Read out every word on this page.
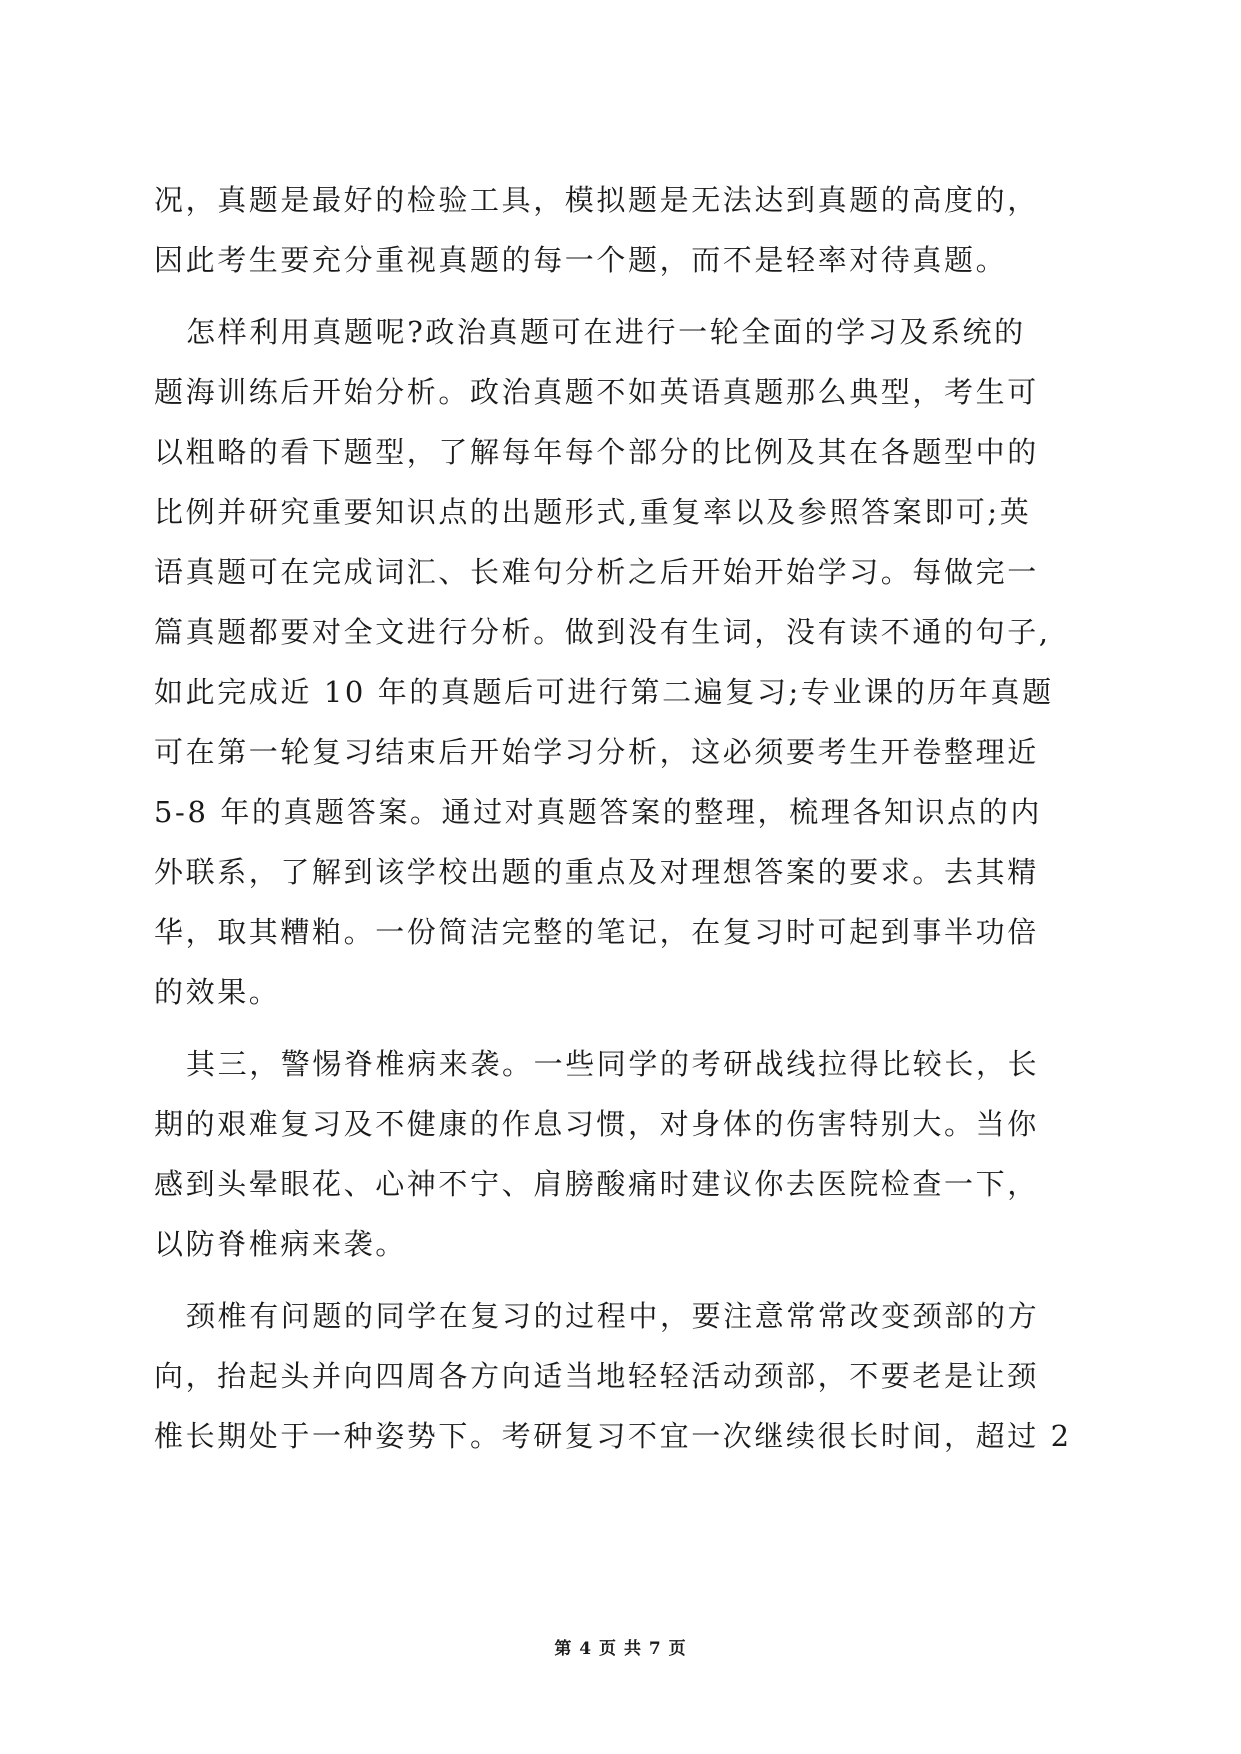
况，真题是最好的检验工具，模拟题是无法达到真题的高度的，
因此考生要充分重视真题的每一个题，而不是轻率对待真题。
怎样利用真题呢?政治真题可在进行一轮全面的学习及系统的
题海训练后开始分析。政治真题不如英语真题那么典型，考生可
以粗略的看下题型，了解每年每个部分的比例及其在各题型中的
比例并研究重要知识点的出题形式,重复率以及参照答案即可;英
语真题可在完成词汇、长难句分析之后开始开始学习。每做完一
篇真题都要对全文进行分析。做到没有生词，没有读不通的句子,
如此完成近 10 年的真题后可进行第二遍复习;专业课的历年真题
可在第一轮复习结束后开始学习分析，这必须要考生开卷整理近
5-8 年的真题答案。通过对真题答案的整理，梳理各知识点的内
外联系，了解到该学校出题的重点及对理想答案的要求。去其精
华，取其糟粕。一份简洁完整的笔记，在复习时可起到事半功倍
的效果。
其三，警惕脊椎病来袭。一些同学的考研战线拉得比较长，长
期的艰难复习及不健康的作息习惯，对身体的伤害特别大。当你
感到头晕眼花、心神不宁、肩膀酸痛时建议你去医院检查一下，
以防脊椎病来袭。
颈椎有问题的同学在复习的过程中，要注意常常改变颈部的方
向，抬起头并向四周各方向适当地轻轻活动颈部，不要老是让颈
椎长期处于一种姿势下。考研复习不宜一次继续很长时间，超过 2
第 4 页 共 7 页
